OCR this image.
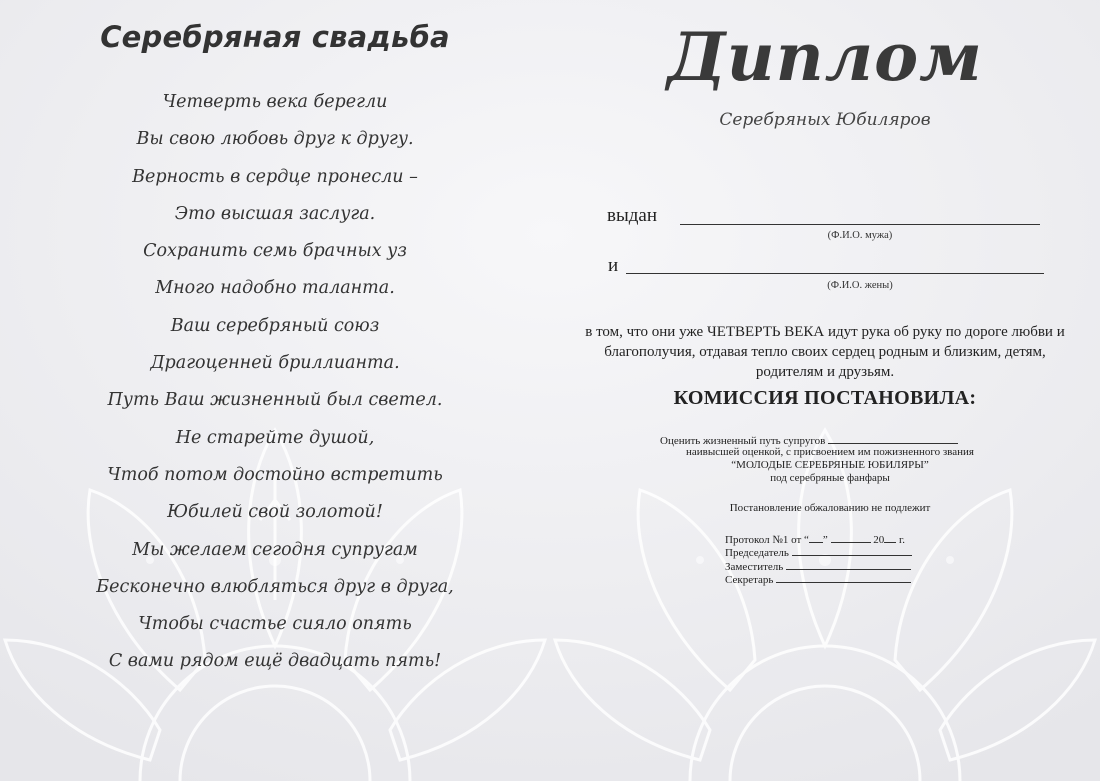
Серебряная свадьба
Четверть века берегли
Вы свою любовь друг к другу.
Верность в сердце пронесли –
Это высшая заслуга.
Сохранить семь брачных уз
Много надобно таланта.
Ваш серебряный союз
Драгоценней бриллианта.
Путь Ваш жизненный был светел.
Не старейте душой,
Чтоб потом достойно встретить
Юбилей свой золотой!
Мы желаем сегодня супругам
Бесконечно влюбляться друг в друга,
Чтобы счастье сияло опять
С вами рядом ещё двадцать пять!
Диплом
Серебряных Юбиляров
выдан
(Ф.И.О. мужа)
и
(Ф.И.О. жены)
в том, что они уже ЧЕТВЕРТЬ ВЕКА идут рука об руку по дороге любви и благополучия, отдавая тепло своих сердец родным и близким, детям, родителям и друзьям.
КОМИССИЯ ПОСТАНОВИЛА:
Оценить жизненный путь супругов
наивысшей оценкой, с присвоением им пожизненного звания
“МОЛОДЫЕ СЕРЕБРЯНЫЕ ЮБИЛЯРЫ”
под серебряные фанфары
Постановление обжалованию не подлежит
Протокол №1 от “ ”	20 г.
Председатель
Заместитель
Секретарь
